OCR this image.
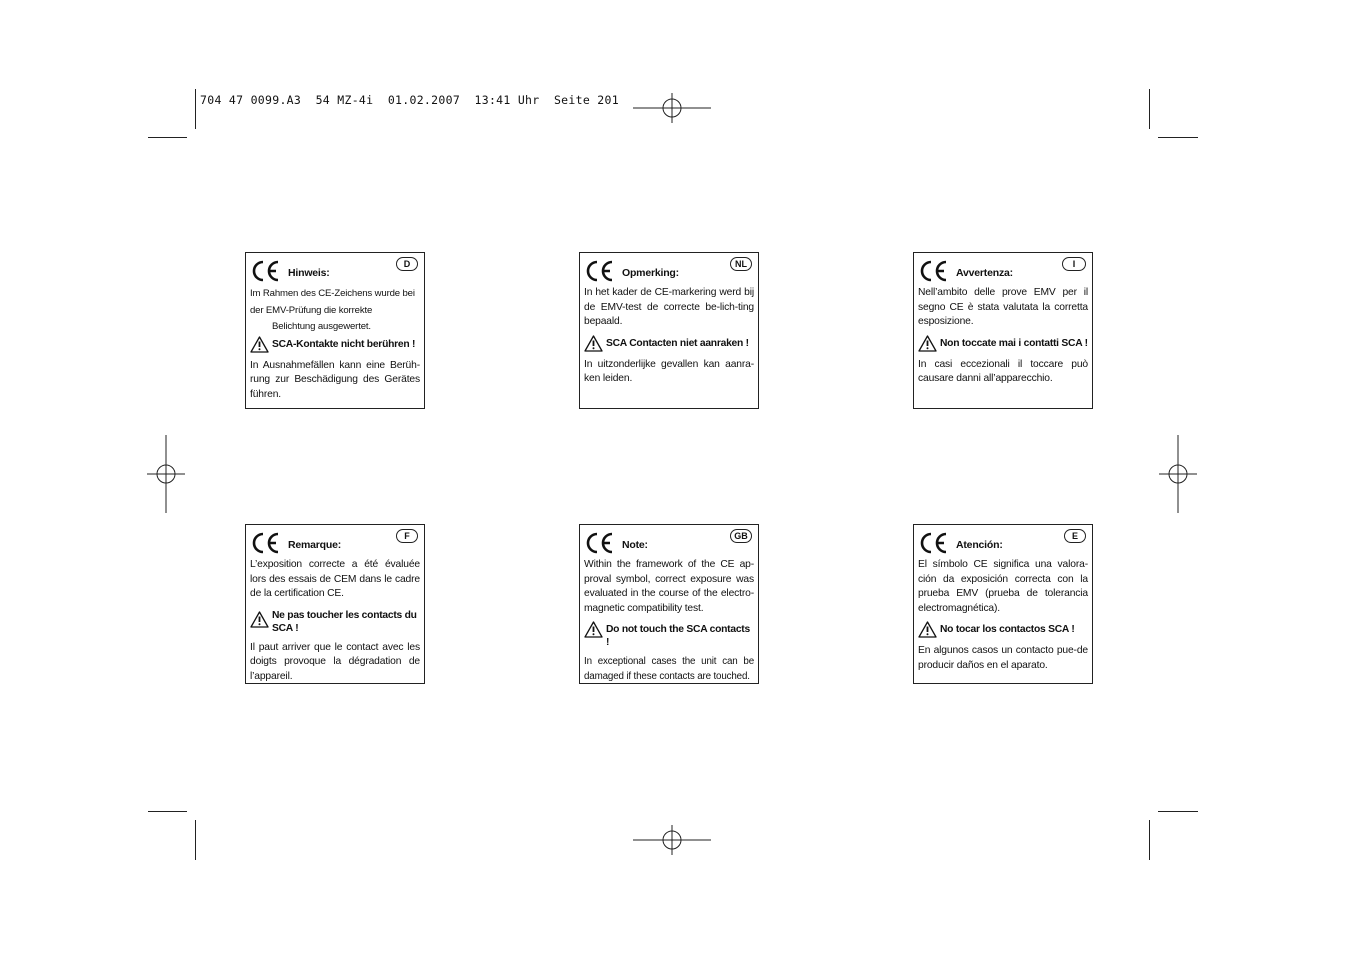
704 47 0099.A3  54 MZ-4i  01.02.2007  13:41 Uhr  Seite 201
Hinweis:
D

Im Rahmen des CE-Zeichens wurde bei

der EMV-Prüfung die korrekte

Belichtung ausgewertet.

SCA-Kontakte nicht berühren !

In Ausnahmefällen kann eine Berüh-rung zur Beschädigung des Gerätes führen.

Opmerking:
NL

In het kader de CE-markering werd bij de EMV-test de correcte be-lich-ting bepaald.

SCA Contacten niet aanraken !

In uitzonderlijke gevallen kan aanra-ken leiden.

Avvertenza:
I

Nell’ambito delle prove EMV per il segno CE è stata valutata la corretta esposizione.

Non toccate mai i contatti SCA !

In casi eccezionali il toccare può causare danni all’apparecchio.

Remarque:
F

L’exposition correcte a été évaluée lors des essais de CEM dans le cadre de la certification CE.

Ne pas toucher les contacts du SCA !

Il paut arriver que le contact avec les doigts provoque la dégradation de l’appareil.

Note:
GB

Within the framework of the CE ap-proval symbol, correct exposure was evaluated in the course of the electro-magnetic compatibility test.

Do not touch the SCA contacts !

In exceptional cases the unit can be damaged if these contacts are touched.

Atención:
E

El símbolo CE significa una valora-ción da exposición correcta con la prueba EMV (prueba de tolerancia electromagnética).

No tocar los contactos SCA !

En algunos casos un contacto pue-de producir daños en el aparato.
